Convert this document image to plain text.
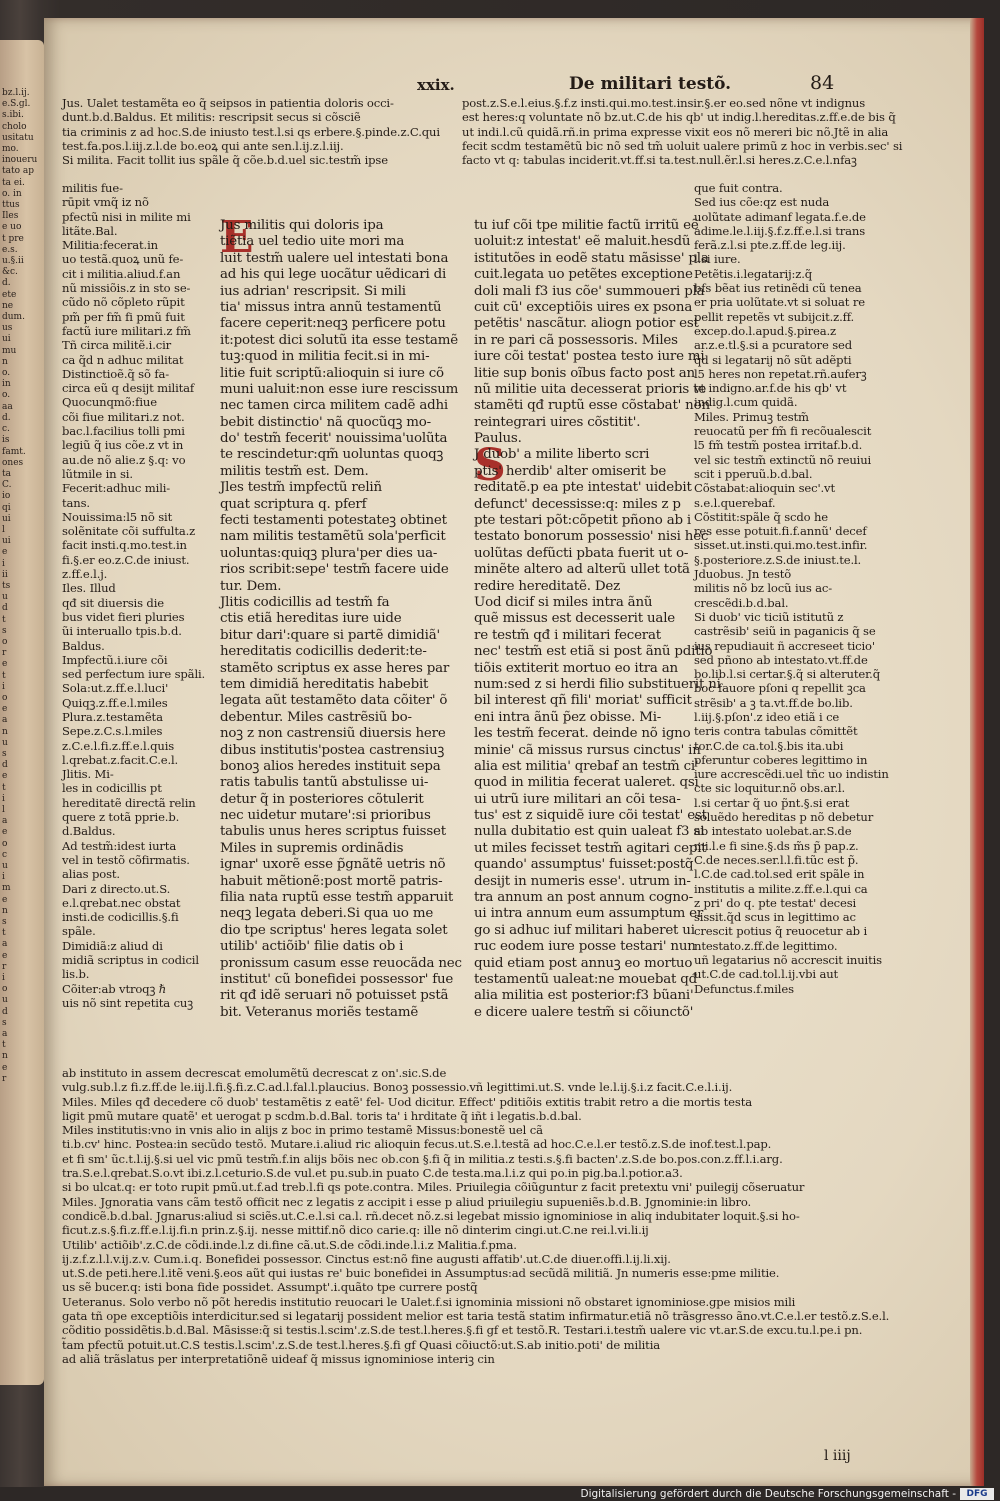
bz.l.ij.
e.S.gl.
s.ibi.
cholo
usitatu
mo.
inoueru
tato ap
ta ei.
o. in
ttus
Iles
e uo
t pre
e.s.
u.§.ii
&c.
d.
ete
ne
dum.
us
ui
mu
n
o.
in
o.
aa
d.
c.
is
famt.
ones
ta
C.
io
qi
ui
l
ui
e
i
ii
ts
u
d
t
s
o
r
e
t
i
o
e
a
n
u
s
d
e
t
i
l
a
e
o
c
u
i
m
e
n
s
t
a
e
r
i
o
u
d
s
a
t
n
e
r
xxix.	De militari testõ.	84
Jus. Ualet testamẽta eo q̃ seipsos in patientia doloris occi-
dunt.b.d.Baldus. Et militis: rescripsit secus si cõsciẽ
tia criminis z ad hoc.S.de iniusto test.l.si qs erbere.§.pinde.z.C.qui
test.fa.pos.l.iij.z.l.de bo.eoꝝ qui ante sen.l.ij.z.l.iij.
Si milita. Facit tollit ius spãle q̃ cõe.b.d.uel sic.testm̃ ipse
post.z.S.e.l.eius.§.f.z insti.qui.mo.test.insir.§.er eo.sed nõne vt indignus
est heres:q voluntate nõ bz.ut.C.de his qb' ut indig.l.hereditas.z.ff.e.de bis q̃
ut indi.l.cũ quidã.rñ.in prima expresse vixit eos nõ mereri bic nõ.Jtẽ in alia
fecit scdm testamẽtũ bic nõ sed tm̃ uoluit ualere primũ z hoc in verbis.sec' si
facto vt q: tabulas inciderit.vt.ff.si ta.test.null.ẽr.l.si heres.z.C.e.l.nfaꝫ
militis fue-
rūpit vmq̃ iz nõ
pfectũ nisi in milite mi
litãte.Bal.
Militia:fecerat.in
uo testã.quoꝝ unũ fe-
cit i militia.aliud.f.an
nũ missiõis.z in sto se-
cũdo nõ cõpleto rũpit
pm̃ per fm̃ fi pmũ fuit
factũ iure militari.z fm̃
Tñ circa militẽ.i.cir
ca q̃d n adhuc militat
Distinctioẽ.q̃ sõ fa-
circa eũ q desijt militaf
Quocunqmõ:fiue
cõi fiue militari.z not.
bac.l.facilius tolli pmi
legiũ q̃ ius cõe.z vt in
au.de nõ alie.z §.q: vo
lũtmile in si.
Fecerit:adhuc mili-
tans.
Nouissima:l5 nõ sit
solẽnitate cõi suffulta.z
facit insti.q.mo.test.in
fi.§.er eo.z.C.de iniust.
z.ff.e.l.j.
Iles. Illud
qđ sit diuersis die
bus videt fieri pluries
ũi interuallo tpis.b.d.
Baldus.
Impfectũ.i.iure cõi
sed perfectum iure spãli.
Sola:ut.z.ff.e.l.luci'
Quiqꝫ.z.ff.e.l.miles
Plura.z.testamẽta
Sepe.z.C.s.l.miles
z.C.e.l.fi.z.ff.e.l.quis
l.qrebat.z.facit.C.e.l.
Jlitis. Mi-
les in codicillis pt
hereditatẽ directã relin
quere z totã pprie.b.
d.Baldus.
Ad testm̃:idest iurta
vel in testõ cõfirmatis.
alias post.
Dari z directo.ut.S.
e.l.qrebat.nec obstat
insti.de codicillis.§.fi
spãle.
Dimidiã:z aliud di
midiã scriptus in codicil
lis.b.
Cõiter:ab vtroqꝫ ℏ
uis nõ sint repetita cuꝫ
E
Jus militis qui doloris ipa
tiẽtia uel tedio uite mori ma
luit testm̃ ualere uel intestati bona
ad his qui lege uocãtur uẽdicari di
ius adrian' rescripsit. Si mili
tia' missus intra annũ testamentũ
facere ceperit:neqꝫ perficere potu
it:potest dici solutũ ita esse testamẽ
tuꝫ:quod in militia fecit.si in mi-
litie fuit scriptũ:alioquin si iure cõ
muni ualuit:non esse iure rescissum
nec tamen circa militem cadẽ adhi
bebit distinctio' nã quocũqꝫ mo-
do' testm̃ fecerit' nouissima'uolũta
te rescindetur:qm̃ uoluntas quoqꝫ
militis testm̃ est. Dem.
Jles testm̃ impfectũ reliñ
quat scriptura q. pferf
fecti testamenti potestateꝫ obtinet
nam militis testamẽtũ sola'perficit
uoluntas:quiqꝫ plura'per dies ua-
rios scribit:sepe' testm̃ facere uide
tur. Dem.
Jlitis codicillis ad testm̃ fa
ctis etiã hereditas iure uide
bitur dari':quare si partẽ dimidiã'
hereditatis codicillis dederit:te-
stamẽto scriptus ex asse heres par
tem dimidiã hereditatis habebit
legata aũt testamẽto data cõiter' õ
debentur. Miles castrẽsiũ bo-
noꝫ z non castrensiũ diuersis here
dibus institutis'postea castrensiuꝫ
bonoꝫ alios heredes instituit sepa
ratis tabulis tantũ abstulisse ui-
detur q̃ in posteriores cõtulerit
nec uidetur mutare':si prioribus
tabulis unus heres scriptus fuisset
Miles in supremis ordinãdis
ignar' uxorẽ esse p̃gnãtẽ uetris nõ
habuit mẽtionẽ:post mortẽ patris-
filia nata ruptũ esse testm̃ apparuit
neqꝫ legata deberi.Si qua uo me
dio tpe scriptus' heres legata solet
utilib' actiõib' filie datis ob i
pronissum casum esse reuocãda nec
institut' cũ bonefidei possessor' fue
rit qđ idẽ seruari nõ potuisset pstã
bit. Veteranus moriẽs testamẽ
S
tu iuf cõi tpe militie factũ irritũ eẽ
uoluit:z intestat' eẽ maluit.hesdũ
istitutões in eodẽ statu mãsisse' pla
cuit.legata uo petẽtes exceptione
doli mali f3 ius cõe' summoueri pla
cuit cũ' exceptiõis uires ex psona
petẽtis' nascãtur. aliogn potior est
in re pari cã possessoris. Miles
iure cõi testat' postea testo iure mi
litie sup bonis oĩbus facto post an
nũ militie uita decesserat prioris te
stamẽti qđ ruptũ esse cõstabat' non
reintegrari uires cõstitit'.
Paulus.
J duob' a milite liberto scri
ptis' herdib' alter omiserit be
reditatẽ.p ea pte intestat' uidebit
defunct' decessisse:q: miles z p
pte testari põt:cõpetit pñono ab i
testato bonorum possessio' nisi hec
uolũtas defũcti pbata fuerit ut o-
minẽte altero ad alterũ ullet totã
redire hereditatẽ. Dez
Uod dicif si miles intra ãnũ
quẽ missus est decesserit uale
re testm̃ qđ i militari fecerat
nec' testm̃ est etiã si post ãnũ pditio
tiõis extiterit mortuo eo itra an
num:sed z si herdi filio substituerit ni
bil interest qñ fili' moriat' sufficit
eni intra ãnũ p̃ez obisse. Mi-
les testm̃ fecerat. deinde nõ igno
minie' cã missus rursus cinctus' in
alia est militia' qrebaf an testm̃ ci'
quod in militia fecerat ualeret. qsi
ui utrũ iure militari an cõi tesa-
tus' est z siquidẽ iure cõi testat' est
nulla dubitatio est quin ualeat f3 si
ut miles fecisset testm̃ agitari cepit
quando' assumptus' fuisset:postq̃
desijt in numeris esse'. utrum in-
tra annum an post annum cogno-
ui intra annum eum assumptum er
go si adhuc iuf militari haberet ui
ruc eodem iure posse testari' nun
quid etiam post annuꝫ eo mortuo
testamentũ ualeat:ne mouebat qđ
alia militia est posterior:f3 bũani'
e dicere ualere testm̃ si cõiunctõ'
que fuit contra.
Sed ius cõe:qz est nuda
uolũtate adimanf legata.f.e.de
adime.le.l.iij.§.f.z.ff.e.l.si trans
ferã.z.l.si pte.z.ff.de leg.iij.
l.si iure.
Petẽtis.i.legatarij:z.q̃
bfs bẽat ius retinẽdi cũ tenea
er pria uolũtate.vt si soluat re
pellit repetẽs vt subijcit.z.ff.
excep.do.l.apud.§.pirea.z
ar.z.e.tl.§.si a pcuratore sed
q̃d si legatarij nõ sũt adẽpti
l5 heres non repetat.rñ.auferꝫ
vt indigno.ar.f.de his qb' vt
indig.l.cum quidã.
Miles. Primuꝫ testm̃
reuocatũ per fm̃ fi recõualescit
l5 fm̃ testm̃ postea irritaf.b.d.
vel sic testm̃ extinctũ nõ reuiui
scit i pperuũ.b.d.bal.
Cõstabat:alioquin sec'.vt
s.e.l.querebaf.
Cõstitit:spãle q̃ scdo he
res esse potuit.fi.f.annũ' decef
sisset.ut.insti.qui.mo.test.infir.
§.posteriore.z.S.de iniust.te.l.
Jduobus. Jn testõ
militis nõ bz locũ ius ac-
crescẽdi.b.d.bal.
Si duob' vic ticiũ istitutũ z
castrẽsib' seiũ in paganicis q̃ se
ius repudiauit ñ accreseet ticio'
sed pñono ab intestato.vt.ff.de
bo.lib.l.si certar.§.q̃ si alteruter.q̃
boc fauore pſoni q repellit ꝫca
strẽsib' a ꝫ ta.vt.ff.de bo.lib.
l.iij.§.pſon'.z ideo etiã i ce
teris contra tabulas cõmittẽt
tor.C.de ca.tol.§.bis ita.ubi
pferuntur coberes legittimo in
iure accrescẽdi.uel tñc uo indistin
cte sic loquitur.nõ obs.ar.l.
l.si certar q̃ uo p̃nt.§.si erat
soluẽdo hereditas p nõ debetur
ab intestato uolebat.ar.S.de
mi.l.e fi sine.§.ds m̃s p̃ pap.z.
C.de neces.ser.l.l.fi.tũc est p̃.
l.C.de cad.tol.sed erit spãle in
institutis a milite.z.ff.e.l.qui ca
z pri' do q. pte testat' decesi
sissit.q̃d scus in legittimo ac
crescit potius q̃ reuocetur ab i
ntestato.z.ff.de legittimo.
uñ legatarius nõ accrescit inuitis
ut.C.de cad.tol.l.ij.vbi aut
Defunctus.f.miles
ab instituto in assem decrescat emolumẽtũ decrescat z on'.sic.S.de
vulg.sub.l.z fi.z.ff.de le.iij.l.fi.§.fi.z.C.ad.l.fal.l.plaucius. Bonoꝫ possessio.vñ legittimi.ut.S. vnde le.l.ij.§.i.z facit.C.e.l.i.ij.
Miles. Miles qđ decedere cõ duob' testamẽtis z eatẽ' fel- Uod dicitur. Effect' pditiõis extitis trabit retro a die mortis testa
ligit pmũ mutare quatẽ' et uerogat p scdm.b.d.Bal. toris ta' i hrditate q̃ iñt i legatis.b.d.bal.
Miles institutis:vno in vnis alio in alijs z boc in primo testamẽ Missus:bonestẽ uel cã
ti.b.cv' hinc. Postea:in secũdo testõ. Mutare.i.aliud ric alioquin fecus.ut.S.e.l.testã ad hoc.C.e.l.er testõ.z.S.de inof.test.l.pap.
et fi sm' ũc.t.l.ij.§.si uel vic pmũ testm̃.f.in alijs bõis nec ob.con §.fi q̃ in militia.z testi.s.§.fi bacten'.z.S.de bo.pos.con.z.ff.l.i.arg.
tra.S.e.l.qrebat.S.o.vt ibi.z.l.ceturio.S.de vul.et pu.sub.in puato C.de testa.ma.l.i.z qui po.in pig.ba.l.potior.a3.
si bo ulcat.q: er toto rupit pmũ.ut.f.ad treb.l.fi qs pote.contra. Miles. Priuilegia cõiũguntur z facit pretextu vni' puilegij cõseruatur
Miles. Jgnoratia vans cãm testõ officit nec z legatis z accipit i esse p aliud priuilegiu supueniẽs.b.d.B. Jgnominie:in libro.
condicẽ.b.d.bal. Jgnarus:aliud si sciẽs.ut.C.e.l.si ca.l. rñ.decet nõ.z.si legebat missio ignominiose in aliq indubitater loquit.§.si ho-
ficut.z.s.§.fi.z.ff.e.l.ij.fi.n prin.z.§.ij. nesse mittif.nõ dico carie.q: ille nõ dinterim cingi.ut.C.ne rei.l.vi.li.ij
Utilib' actiõib'.z.C.de cõdi.inde.l.z di.fine cã.ut.S.de cõdi.inde.l.i.z Malitia.f.pma.
ij.z.f.z.l.l.v.ij.z.v. Cum.i.q. Bonefidei possessor. Cinctus est:nõ fine augusti affatib'.ut.C.de diuer.offi.l.ij.li.xij.
ut.S.de peti.here.l.itẽ veni.§.eos aũt qui iustas re' buic bonefidei in Assumptus:ad secũdã militiã. Jn numeris esse:pme militie.
us sẽ bucer.q: isti bona fide possidet. Assumpt'.i.quãto tpe currere postq̃
Ueteranus. Solo verbo nõ põt heredis institutio reuocari le Ualet.f.si ignominia missioni nõ obstaret ignominiose.gpe misios mili
gata tñ ope exceptiõis interdicitur.sed si legatarij possident melior est taria testã statim infirmatur.etiã nõ trãsgresso ãno.vt.C.e.l.er testõ.z.S.e.l.
cõditio possidẽtis.b.d.Bal. Mãsisse:q̃ si testis.l.scim'.z.S.de test.l.heres.§.fi gf et testõ.R. Testari.i.testm̃ ualere vic vt.ar.S.de excu.tu.l.pe.i pn.
t̃am pfectũ potuit.ut.C.S testis.l.scim'.z.S.de test.l.heres.§.fi gf Quasi cõiuctõ:ut.S.ab initio.poti' de militia
ad aliã trãslatus per interpretatiõnẽ uideaf q̃ missus ignominiose interiꝫ cin
l iiij
Digitalisierung gefördert durch die Deutsche Forschungsgemeinschaft -	DFG
